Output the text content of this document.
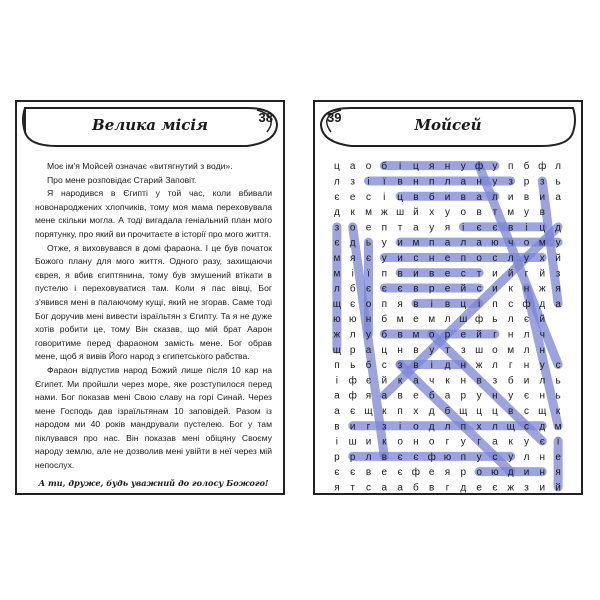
Велика місія	38

Моє ім'я Мойсей означає «витягнутий з води».

Про мене розповідає Старий Заповіт.

Я народився в Єгипті у той час, коли вбивали новонароджених хлопчиків, тому моя мама переховувала мене скільки могла. А тоді вигадала геніальний план мого порятунку, про який ви прочитаєте в історії про мого життя.

Отже, я виховувався в домі фараона. І це був початок Божого плану для мого життя. Одного разу, захищаючи єврея, я вбив єгиптянина, тому був змушений втікати в пустелю і переховуватися там. Коли я пас вівці, Бог з'явився мені в палаючому кущі, який не згорав. Саме тоді Бог доручив мені вивести ізраїльтян з Єгипту. Та я не дуже хотів робити це, тому Він сказав, що мій брат Аарон говоритиме перед фараоном замість мене. Бог обрав мене, щоб я вивів Його народ з єгипетського рабства.

Фараон відпустив народ Божий лише після 10 кар на Єгипет. Ми пройшли через море, яке розступилося перед нами. Бог показав мені Свою славу на горі Синай. Через мене Господь дав ізраїльтянам 10 заповідей. Разом із народом ми 40 років мандрували пустелею. Бог у там піклувався про нас. Він показав мені обіцяну Своєму народу землю, але не дозволив мені увійти в неї через мій непослух.

А ти, друже, будь уважний до голосу Божого!
Мойсей
39
ц а о б і ц я н у ф у п б ф л
л з і ї в н п л а н у з р з ь
є е с і ц в б и в а л и в и а
д к м ж ш й х у о в т м у в
з о е п т а у я і є є в і ц д
є д ь у и м п а л а ю ч о м у
м я є у и с н е п о с л у х й
м і ї п в и в е с т и й г й з
л б є є є в р е й с и к н ж я
щ є о п я в і в ц і п с ф д а
ю ю н б м е м л ш ф ь л є й
ж л у б в м о р е й г н л ч
щ р а ц н в у т з ш о м л н
п ь б с з в і д н ж л г н у с
і ф є й к а ч к н в з б и л ь
а ф я а в е б а р у н у є н ь
а є щ к п х д б щ ц ц в с щ к
в и г з і о д л п х л щ с д м
і ш и к о н о г у г а к у є ї
р р л в є є ф ю п у с у л н е
є є в е є ф е я р о ю д и н я
я т с а а б в г д е є ж з и й
